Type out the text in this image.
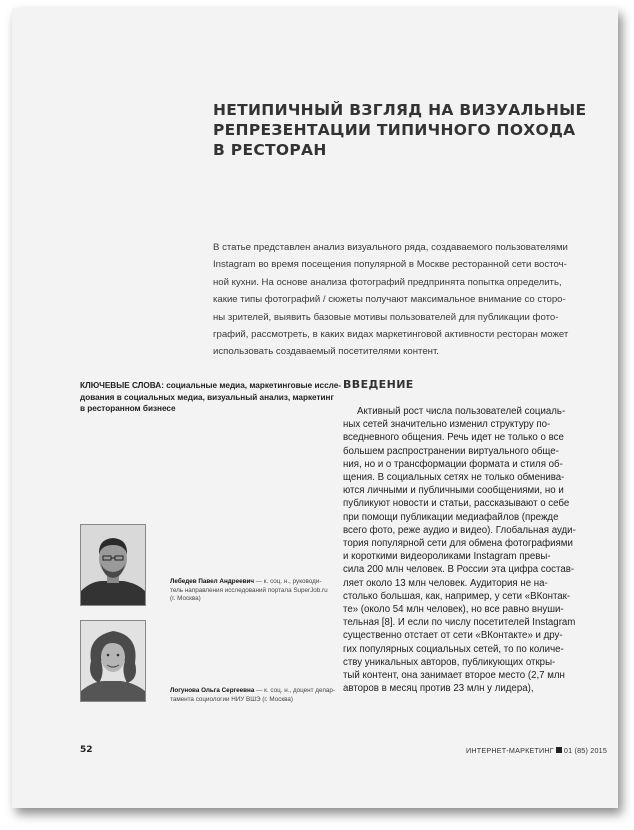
НЕТИПИЧНЫЙ ВЗГЛЯД НА ВИЗУАЛЬНЫЕ
РЕПРЕЗЕНТАЦИИ ТИПИЧНОГО ПОХОДА
В РЕСТОРАН
В статье представлен анализ визуального ряда, создаваемого пользователями
Instagram во время посещения популярной в Москве ресторанной сети восточ-
ной кухни. На основе анализа фотографий предпринята попытка определить,
какие типы фотографий / сюжеты получают максимальное внимание со сторо-
ны зрителей, выявить базовые мотивы пользователей для публикации фото-
графий, рассмотреть, в каких видах маркетинговой активности ресторан может
использовать создаваемый посетителями контент.
КЛЮЧЕВЫЕ СЛОВА: социальные медиа, маркетинговые иссле-
дования в социальных медиа, визуальный анализ, маркетинг
в ресторанном бизнесе
ВВЕДЕНИЕ
Активный рост числа пользователей социаль-
ных сетей значительно изменил структуру по-
вседневного общения. Речь идет не только о все
большем распространении виртуального обще-
ния, но и о трансформации формата и стиля об-
щения. В социальных сетях не только обменива-
ются личными и публичными сообщениями, но и
публикуют новости и статьи, рассказывают о себе
при помощи публикации медиафайлов (прежде
всего фото, реже аудио и видео). Глобальная ауди-
тория популярной сети для обмена фотографиями
и короткими видеороликами Instagram превы-
сила 200 млн человек. В России эта цифра состав-
ляет около 13 млн человек. Аудитория не на-
столько большая, как, например, у сети «ВКонтак-
те» (около 54 млн человек), но все равно внуши-
тельная [8]. И если по числу посетителей Instagram
существенно отстает от сети «ВКонтакте» и дру-
гих популярных социальных сетей, то по количе-
ству уникальных авторов, публикующих откры-
тый контент, она занимает второе место (2,7 млн
авторов в месяц против 23 млн у лидера),
Лебедев Павел Андреевич — к. соц. н., руководи-
тель направления исследований портала SuperJob.ru
(г. Москва)
Логунова Ольга Сергеевна — к. соц. н., доцент депар-
тамента социологии НИУ ВШЭ (г. Москва)
52	ИНТЕРНЕТ-МАРКЕТИНГ 01 (85) 2015
